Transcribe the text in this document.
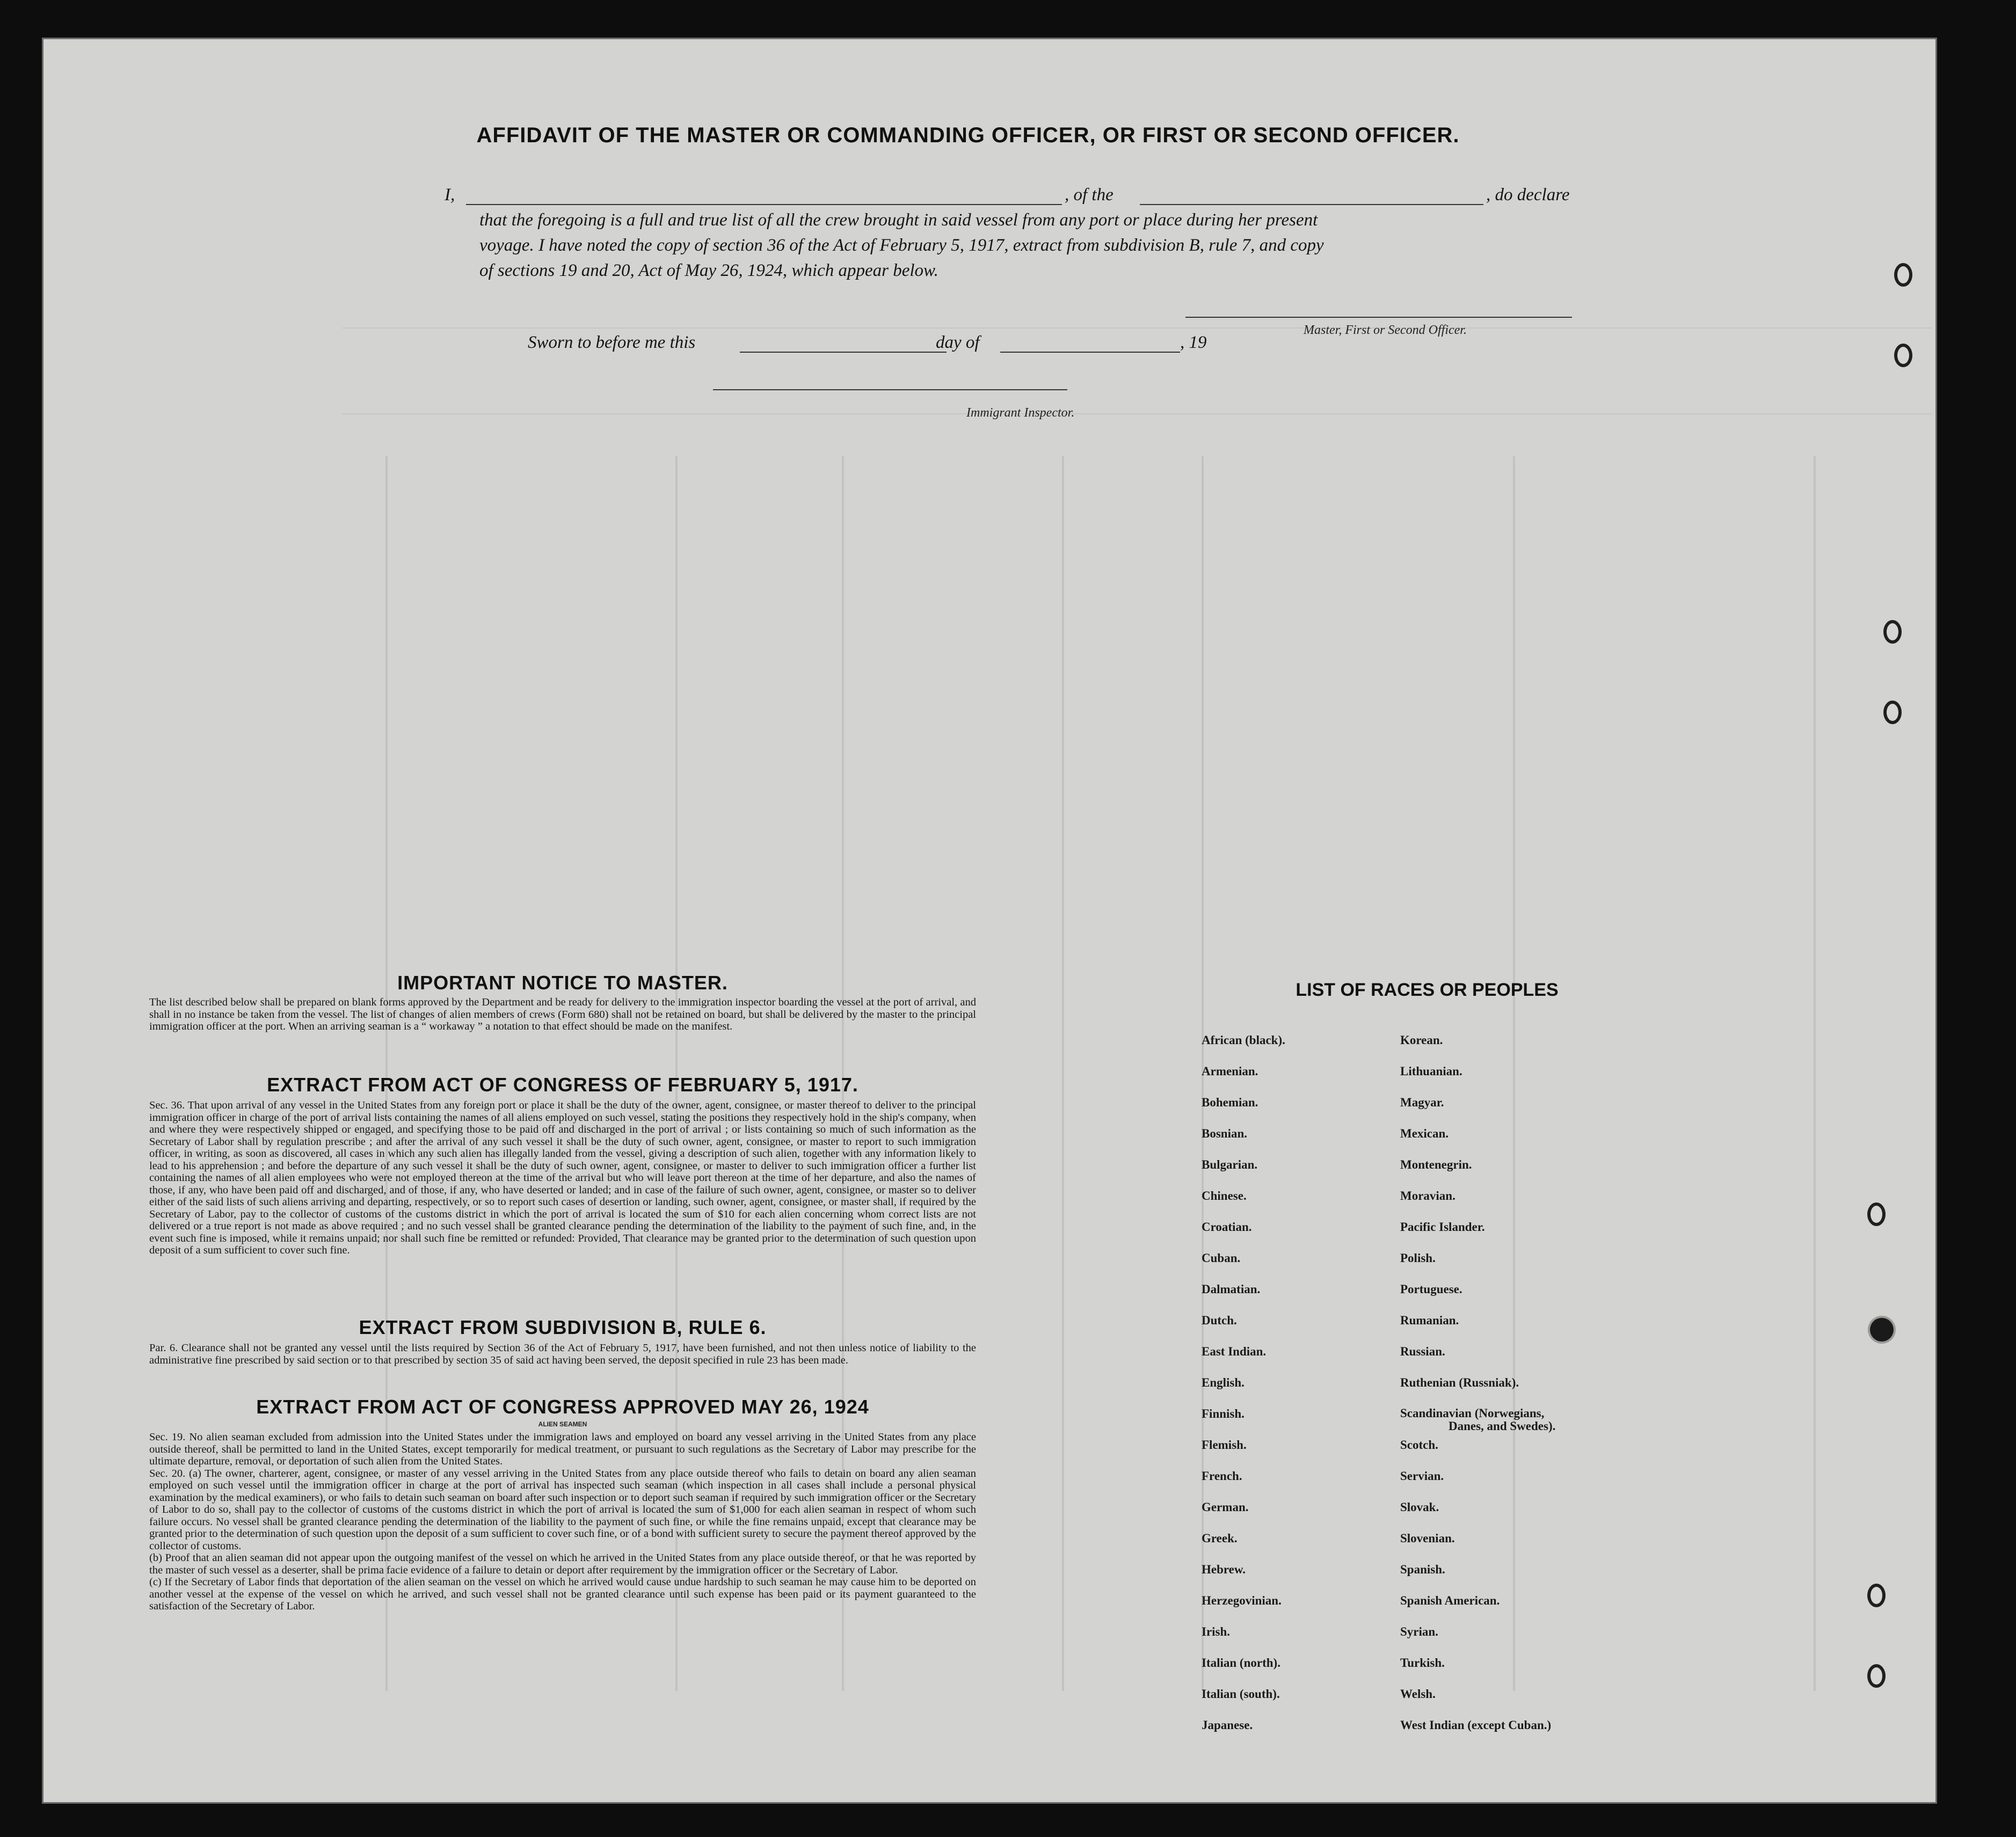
AFFIDAVIT OF THE MASTER OR COMMANDING OFFICER, OR FIRST OR SECOND OFFICER.
I,	, of the	, do declare
that the foregoing is a full and true list of all the crew brought in said vessel from any port or place during her present
voyage. I have noted the copy of section 36 of the Act of February 5, 1917, extract from subdivision B, rule 7, and copy
of sections 19 and 20, Act of May 26, 1924, which appear below.
Master, First or Second Officer.
Sworn to before me this	day of	, 19
Immigrant Inspector.
IMPORTANT NOTICE TO MASTER.

The list described below shall be prepared on blank forms approved by the Department and be ready for delivery to the immigration inspector boarding the vessel at the port of arrival, and shall in no instance be taken from the vessel. The list of changes of alien members of crews (Form 680) shall not be retained on board, but shall be delivered by the master to the principal immigration officer at the port. When an arriving seaman is a “ workaway ” a notation to that effect should be made on the manifest.

EXTRACT FROM ACT OF CONGRESS OF FEBRUARY 5, 1917.

Sec. 36. That upon arrival of any vessel in the United States from any foreign port or place it shall be the duty of the owner, agent, consignee, or master thereof to deliver to the principal immigration officer in charge of the port of arrival lists containing the names of all aliens employed on such vessel, stating the positions they respectively hold in the ship's company, when and where they were respectively shipped or engaged, and specifying those to be paid off and discharged in the port of arrival ; or lists containing so much of such information as the Secretary of Labor shall by regulation prescribe ; and after the arrival of any such vessel it shall be the duty of such owner, agent, consignee, or master to report to such immigration officer, in writing, as soon as discovered, all cases in which any such alien has illegally landed from the vessel, giving a description of such alien, together with any information likely to lead to his apprehension ; and before the departure of any such vessel it shall be the duty of such owner, agent, consignee, or master to deliver to such immigration officer a further list containing the names of all alien employees who were not employed thereon at the time of the arrival but who will leave port thereon at the time of her departure, and also the names of those, if any, who have been paid off and discharged, and of those, if any, who have deserted or landed; and in case of the failure of such owner, agent, consignee, or master so to deliver either of the said lists of such aliens arriving and departing, respectively, or so to report such cases of desertion or landing, such owner, agent, consignee, or master shall, if required by the Secretary of Labor, pay to the collector of customs of the customs district in which the port of arrival is located the sum of $10 for each alien concerning whom correct lists are not delivered or a true report is not made as above required ; and no such vessel shall be granted clearance pending the determination of the liability to the payment of such fine, and, in the event such fine is imposed, while it remains unpaid; nor shall such fine be remitted or refunded: Provided, That clearance may be granted prior to the determination of such question upon deposit of a sum sufficient to cover such fine.

EXTRACT FROM SUBDIVISION B, RULE 6.

Par. 6. Clearance shall not be granted any vessel until the lists required by Section 36 of the Act of February 5, 1917, have been furnished, and not then unless notice of liability to the administrative fine prescribed by said section or to that prescribed by section 35 of said act having been served, the deposit specified in rule 23 has been made.

EXTRACT FROM ACT OF CONGRESS APPROVED MAY 26, 1924
ALIEN SEAMEN

Sec. 19. No alien seaman excluded from admission into the United States under the immigration laws and employed on board any vessel arriving in the United States from any place outside thereof, shall be permitted to land in the United States, except temporarily for medical treatment, or pursuant to such regulations as the Secretary of Labor may prescribe for the ultimate departure, removal, or deportation of such alien from the United States.
Sec. 20. (a) The owner, charterer, agent, consignee, or master of any vessel arriving in the United States from any place outside thereof who fails to detain on board any alien seaman employed on such vessel until the immigration officer in charge at the port of arrival has inspected such seaman (which inspection in all cases shall include a personal physical examination by the medical examiners), or who fails to detain such seaman on board after such inspection or to deport such seaman if required by such immigration officer or the Secretary of Labor to do so, shall pay to the collector of customs of the customs district in which the port of arrival is located the sum of $1,000 for each alien seaman in respect of whom such failure occurs. No vessel shall be granted clearance pending the determination of the liability to the payment of such fine, or while the fine remains unpaid, except that clearance may be granted prior to the determination of such question upon the deposit of a sum sufficient to cover such fine, or of a bond with sufficient surety to secure the payment thereof approved by the collector of customs.
(b) Proof that an alien seaman did not appear upon the outgoing manifest of the vessel on which he arrived in the United States from any place outside thereof, or that he was reported by the master of such vessel as a deserter, shall be prima facie evidence of a failure to detain or deport after requirement by the immigration officer or the Secretary of Labor.
(c) If the Secretary of Labor finds that deportation of the alien seaman on the vessel on which he arrived would cause undue hardship to such seaman he may cause him to be deported on another vessel at the expense of the vessel on which he arrived, and such vessel shall not be granted clearance until such expense has been paid or its payment guaranteed to the satisfaction of the Secretary of Labor.

LIST OF RACES OR PEOPLES
African (black).
Armenian.
Bohemian.
Bosnian.
Bulgarian.
Chinese.
Croatian.
Cuban.
Dalmatian.
Dutch.
East Indian.
English.
Finnish.
Flemish.
French.
German.
Greek.
Hebrew.
Herzegovinian.
Irish.
Italian (north).
Italian (south).
Japanese.
Korean.
Lithuanian.
Magyar.
Mexican.
Montenegrin.
Moravian.
Pacific Islander.
Polish.
Portuguese.
Rumanian.
Russian.
Ruthenian (Russniak).
Scandinavian (Norwegians,
Danes, and Swedes).
Scotch.
Servian.
Slovak.
Slovenian.
Spanish.
Spanish American.
Syrian.
Turkish.
Welsh.
West Indian (except Cuban.)
